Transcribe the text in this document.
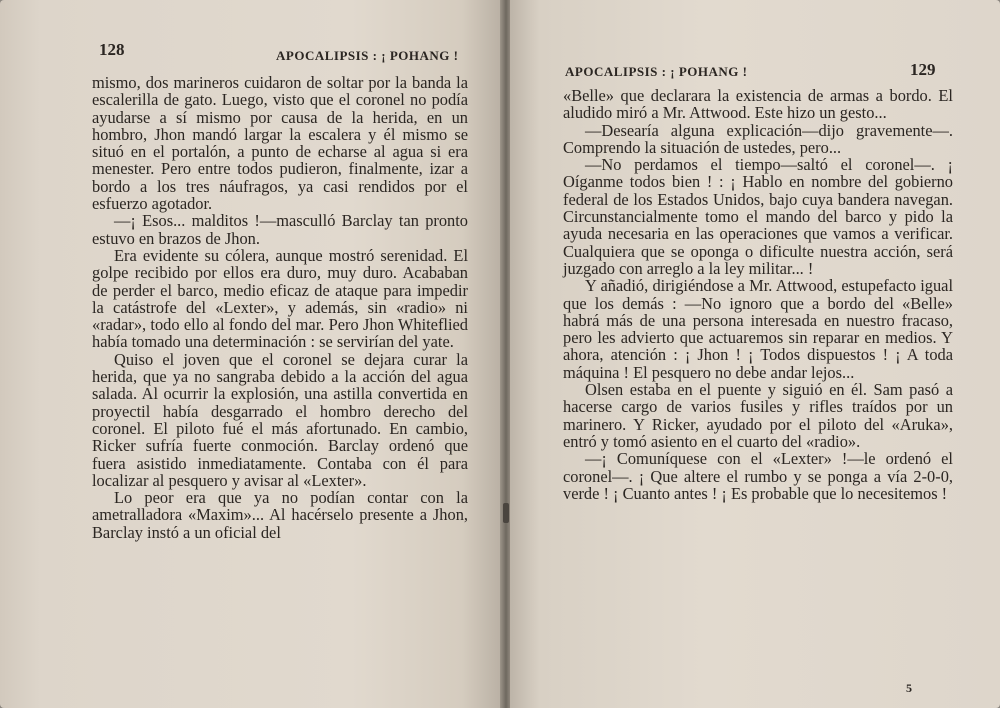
128	APOCALIPSIS : ¡ POHANG !

mismo, dos marineros cuidaron de soltar por la banda la escalerilla de gato. Luego, visto que el coronel no podía ayudarse a sí mismo por causa de la herida, en un hombro, Jhon mandó largar la escalera y él mismo se situó en el portalón, a punto de echarse al agua si era menester. Pero entre todos pudieron, finalmente, izar a bordo a los tres náufragos, ya casi rendidos por el esfuerzo agotador.

—¡ Esos... malditos !—masculló Barclay tan pronto estuvo en brazos de Jhon.

Era evidente su cólera, aunque mostró serenidad. El golpe recibido por ellos era duro, muy duro. Acababan de perder el barco, medio eficaz de ataque para impedir la catástrofe del «Lexter», y además, sin «radio» ni «radar», todo ello al fondo del mar. Pero Jhon Whiteflied había tomado una determinación : se servirían del yate.

Quiso el joven que el coronel se dejara curar la herida, que ya no sangraba debido a la acción del agua salada. Al ocurrir la explosión, una astilla convertida en proyectil había desgarrado el hombro derecho del coronel. El piloto fué el más afortunado. En cambio, Ricker sufría fuerte conmoción. Barclay ordenó que fuera asistido inmediatamente. Contaba con él para localizar al pesquero y avisar al «Lexter».

Lo peor era que ya no podían contar con la ametralladora «Maxim»... Al hacérselo presente a Jhon, Barclay instó a un oficial del

APOCALIPSIS : ¡ POHANG !	129

«Belle» que declarara la existencia de armas a bordo. El aludido miró a Mr. Attwood. Este hizo un gesto...

—Desearía alguna explicación—dijo gravemente—. Comprendo la situación de ustedes, pero...

—No perdamos el tiempo—saltó el coronel—. ¡ Oíganme todos bien ! : ¡ Hablo en nombre del gobierno federal de los Estados Unidos, bajo cuya bandera navegan. Circunstancialmente tomo el mando del barco y pido la ayuda necesaria en las operaciones que vamos a verificar. Cualquiera que se oponga o dificulte nuestra acción, será juzgado con arreglo a la ley militar... !

Y añadió, dirigiéndose a Mr. Attwood, estupefacto igual que los demás : —No ignoro que a bordo del «Belle» habrá más de una persona interesada en nuestro fracaso, pero les advierto que actuaremos sin reparar en medios. Y ahora, atención : ¡ Jhon ! ¡ Todos dispuestos ! ¡ A toda máquina ! El pesquero no debe andar lejos...

Olsen estaba en el puente y siguió en él. Sam pasó a hacerse cargo de varios fusiles y rifles traídos por un marinero. Y Ricker, ayudado por el piloto del «Aruka», entró y tomó asiento en el cuarto del «radio».

—¡ Comuníquese con el «Lexter» !—le ordenó el coronel—. ¡ Que altere el rumbo y se ponga a vía 2-0-0, verde ! ¡ Cuanto antes ! ¡ Es probable que lo necesitemos !

5
